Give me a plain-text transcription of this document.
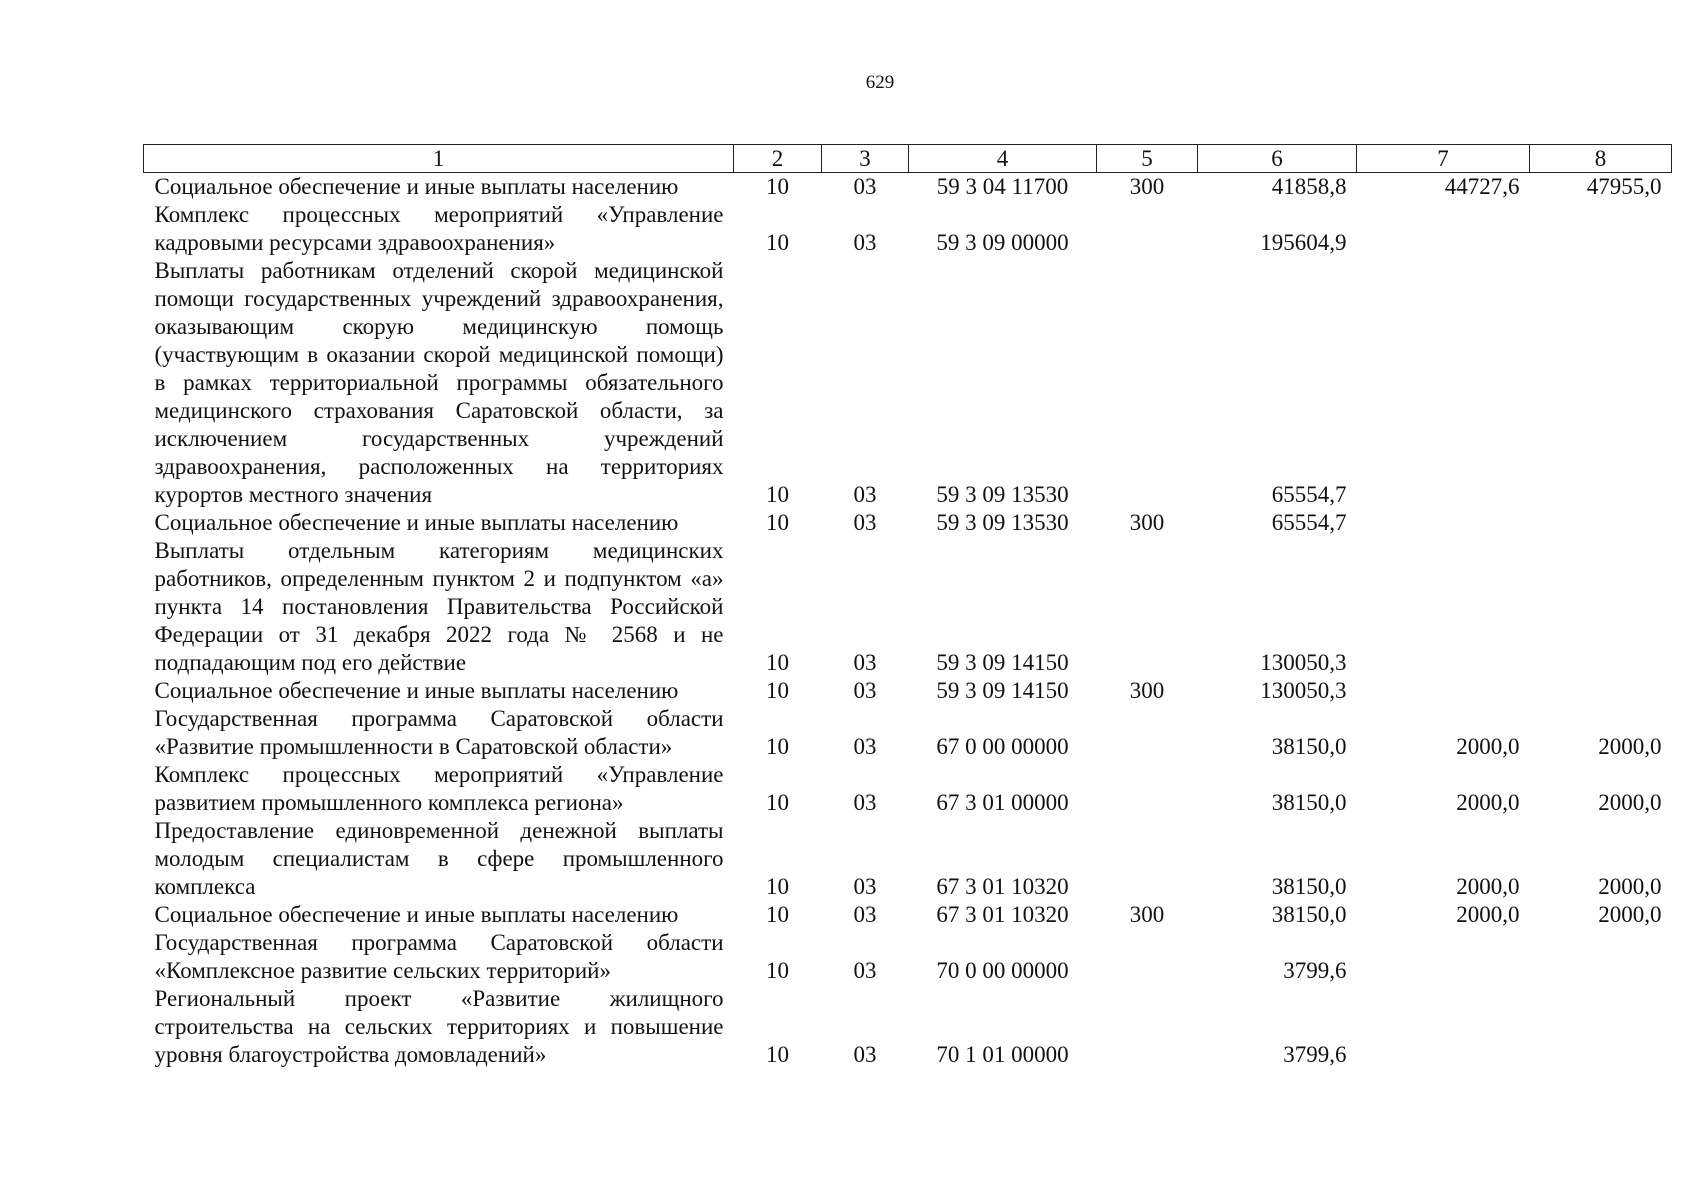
629
1	2	3	4	5	6	7	8
Социальное обеспечение и иные выплаты населению	10	03	59 3 04 11700	300	41858,8	44727,6	47955,0
Комплекс процессных мероприятий «Управление кадровыми ресурсами здравоохранения»	10	03	59 3 09 00000		195604,9		
Выплаты работникам отделений скорой медицинской помощи государственных учреждений здравоохранения, оказывающим скорую медицинскую помощь (участвующим в оказании скорой медицинской помощи) в рамках территориальной программы обязательного медицинского страхования Саратовской области, за исключением государственных учреждений здравоохранения, расположенных на территориях курортов местного значения	10	03	59 3 09 13530		65554,7		
Социальное обеспечение и иные выплаты населению	10	03	59 3 09 13530	300	65554,7		
Выплаты отдельным категориям медицинских работников, определенным пунктом 2 и подпунктом «а» пункта 14 постановления Правительства Российской Федерации от 31 декабря 2022 года № 2568 и не подпадающим под его действие	10	03	59 3 09 14150		130050,3		
Социальное обеспечение и иные выплаты населению	10	03	59 3 09 14150	300	130050,3		
Государственная программа Саратовской области «Развитие промышленности в Саратовской области»	10	03	67 0 00 00000		38150,0	2000,0	2000,0
Комплекс процессных мероприятий «Управление развитием промышленного комплекса региона»	10	03	67 3 01 00000		38150,0	2000,0	2000,0
Предоставление единовременной денежной выплаты молодым специалистам в сфере промышленного комплекса	10	03	67 3 01 10320		38150,0	2000,0	2000,0
Социальное обеспечение и иные выплаты населению	10	03	67 3 01 10320	300	38150,0	2000,0	2000,0
Государственная программа Саратовской области «Комплексное развитие сельских территорий»	10	03	70 0 00 00000		3799,6		
Региональный проект «Развитие жилищного строительства на сельских территориях и повышение уровня благоустройства домовладений»	10	03	70 1 01 00000		3799,6		
